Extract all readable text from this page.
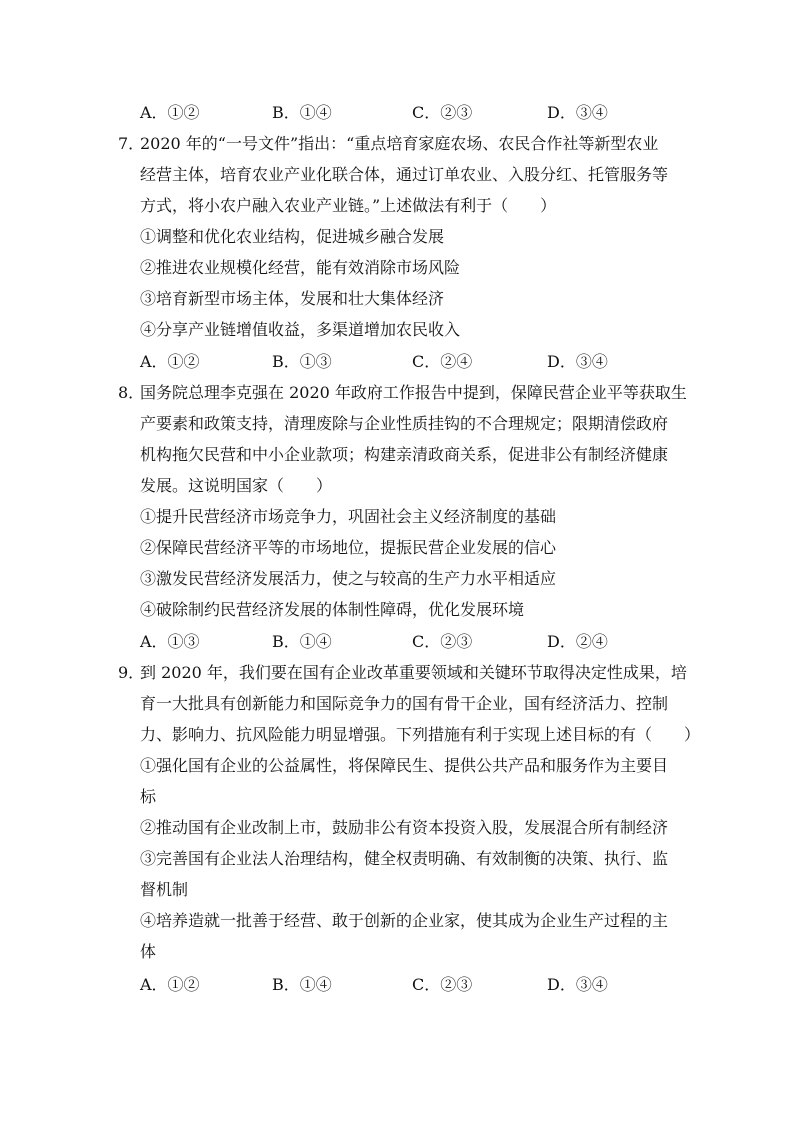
A．①②	B．①④	C．②③	D．③④
7．2020 年的“一号文件”指出：“重点培育家庭农场、农民合作社等新型农业
经营主体，培育农业产业化联合体，通过订单农业、入股分红、托管服务等
方式，将小农户融入农业产业链。”上述做法有利于（　　）
①调整和优化农业结构，促进城乡融合发展
②推进农业规模化经营，能有效消除市场风险
③培育新型市场主体，发展和壮大集体经济
④分享产业链增值收益，多渠道增加农民收入
A．①②	B．①③	C．②④	D．③④
8．国务院总理李克强在 2020 年政府工作报告中提到，保障民营企业平等获取生
产要素和政策支持，清理废除与企业性质挂钩的不合理规定；限期清偿政府
机构拖欠民营和中小企业款项；构建亲清政商关系，促进非公有制经济健康
发展。这说明国家（　　）
①提升民营经济市场竞争力，巩固社会主义经济制度的基础
②保障民营经济平等的市场地位，提振民营企业发展的信心
③激发民营经济发展活力，使之与较高的生产力水平相适应
④破除制约民营经济发展的体制性障碍，优化发展环境
A．①③	B．①④	C．②③	D．②④
9．到 2020 年，我们要在国有企业改革重要领域和关键环节取得决定性成果，培
育一大批具有创新能力和国际竞争力的国有骨干企业，国有经济活力、控制
力、影响力、抗风险能力明显增强。下列措施有利于实现上述目标的有（　　）
①强化国有企业的公益属性，将保障民生、提供公共产品和服务作为主要目
标
②推动国有企业改制上市，鼓励非公有资本投资入股，发展混合所有制经济
③完善国有企业法人治理结构，健全权责明确、有效制衡的决策、执行、监
督机制
④培养造就一批善于经营、敢于创新的企业家，使其成为企业生产过程的主
体
A．①②	B．①④	C．②③	D．③④
